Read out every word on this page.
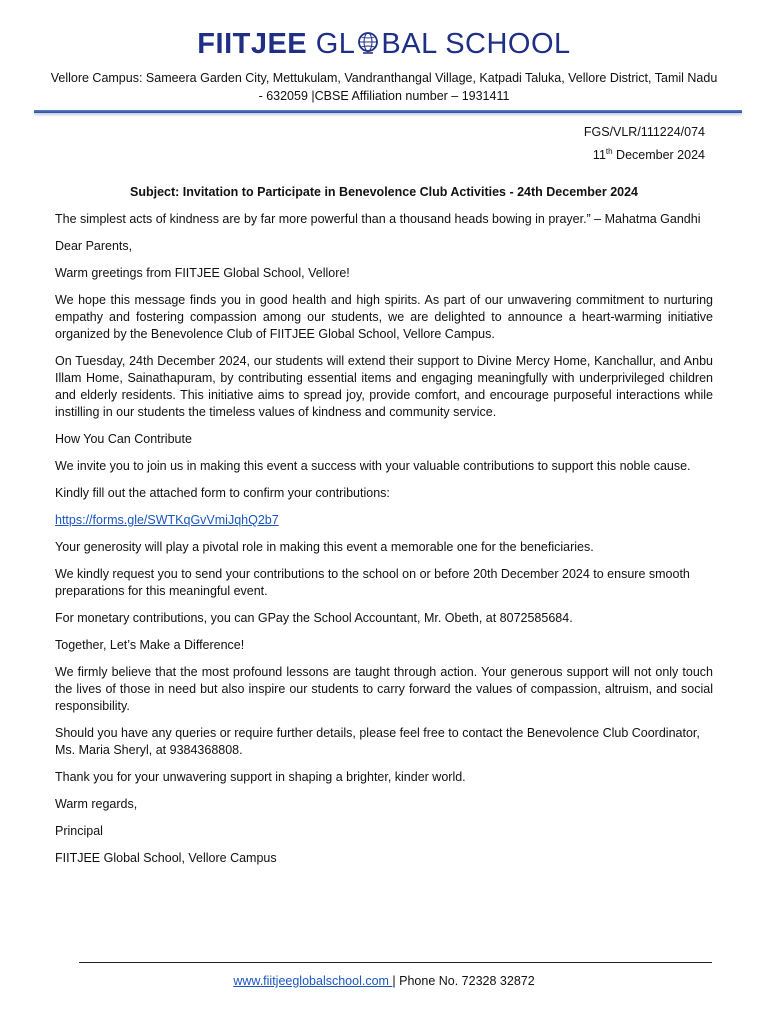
FIITJEE GL BAL SCHOOL
Vellore Campus: Sameera Garden City, Mettukulam, Vandranthangal Village, Katpadi Taluka, Vellore District, Tamil Nadu - 632059 |CBSE Affiliation number – 1931411
FGS/VLR/111224/074
11th December 2024

Subject: Invitation to Participate in Benevolence Club Activities - 24th December 2024

The simplest acts of kindness are by far more powerful than a thousand heads bowing in prayer.” – Mahatma Gandhi

Dear Parents,

Warm greetings from FIITJEE Global School, Vellore!

We hope this message finds you in good health and high spirits. As part of our unwavering commitment to nurturing empathy and fostering compassion among our students, we are delighted to announce a heart-warming initiative organized by the Benevolence Club of FIITJEE Global School, Vellore Campus.

On Tuesday, 24th December 2024, our students will extend their support to Divine Mercy Home, Kanchallur, and Anbu Illam Home, Sainathapuram, by contributing essential items and engaging meaningfully with underprivileged children and elderly residents. This initiative aims to spread joy, provide comfort, and encourage purposeful interactions while instilling in our students the timeless values of kindness and community service.

How You Can Contribute

We invite you to join us in making this event a success with your valuable contributions to support this noble cause.

Kindly fill out the attached form to confirm your contributions:

https://forms.gle/SWTKqGvVmiJqhQ2b7

Your generosity will play a pivotal role in making this event a memorable one for the beneficiaries.

We kindly request you to send your contributions to the school on or before 20th December 2024 to ensure smooth preparations for this meaningful event.

For monetary contributions, you can GPay the School Accountant, Mr. Obeth, at 8072585684.

Together, Let’s Make a Difference!

We firmly believe that the most profound lessons are taught through action. Your generous support will not only touch the lives of those in need but also inspire our students to carry forward the values of compassion, altruism, and social responsibility.

Should you have any queries or require further details, please feel free to contact the Benevolence Club Coordinator, Ms. Maria Sheryl, at 9384368808.

Thank you for your unwavering support in shaping a brighter, kinder world.

Warm regards,

Principal

FIITJEE Global School, Vellore Campus

www.fiitjeeglobalschool.com | Phone No. 72328 32872
